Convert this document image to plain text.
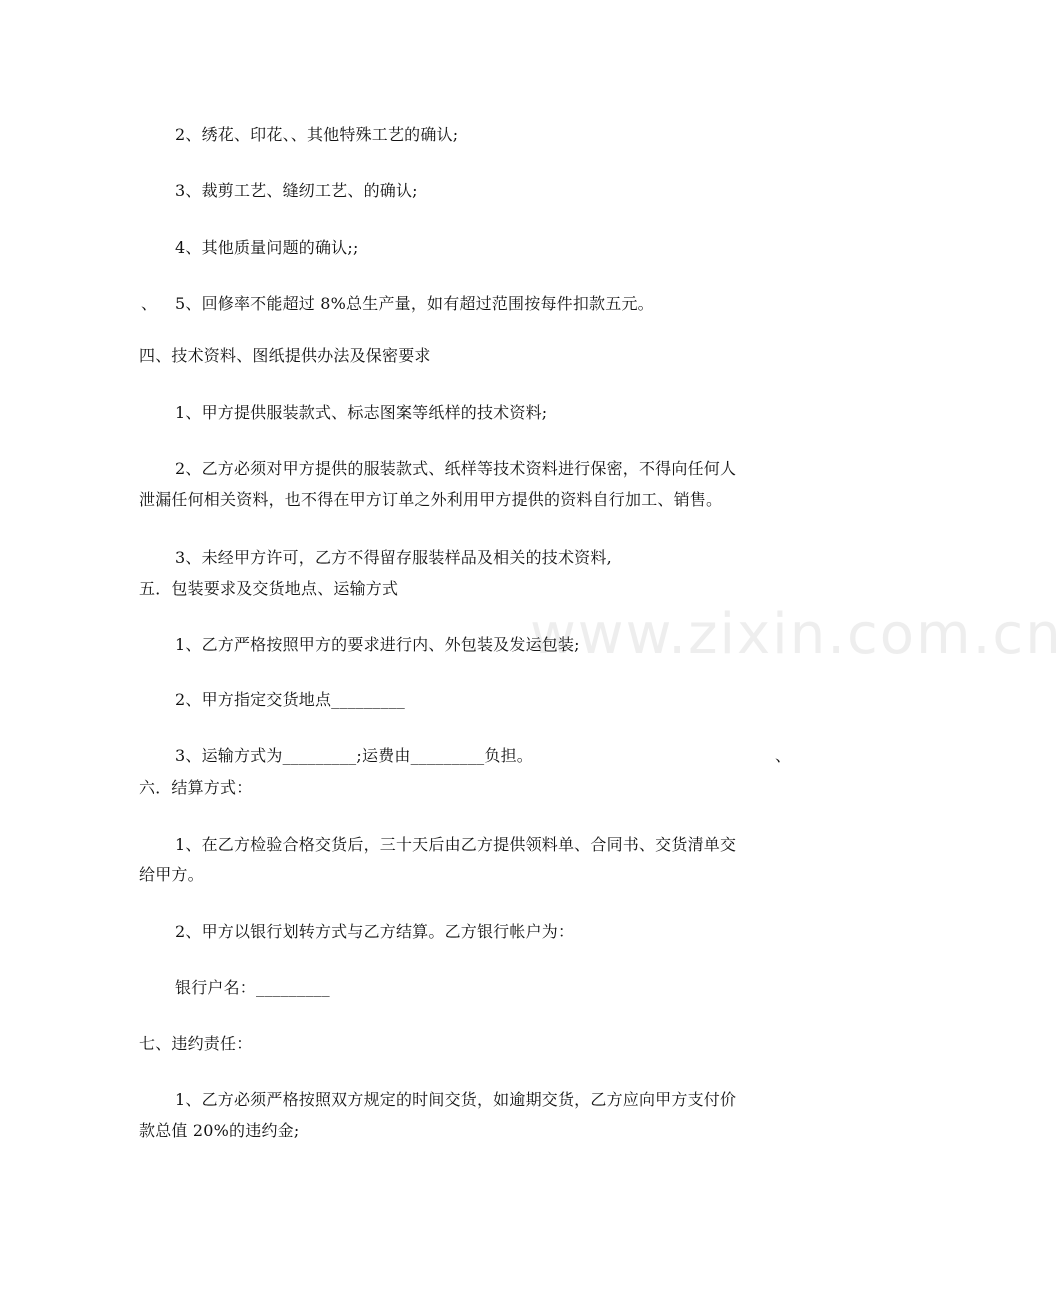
www.zixin.com.cn
2、绣花、印花、、其他特殊工艺的确认;
3、裁剪工艺、缝纫工艺、的确认;
4、其他质量问题的确认;;
、 5、回修率不能超过 8%总生产量，如有超过范围按每件扣款五元。
四、技术资料、图纸提供办法及保密要求
1、甲方提供服装款式、标志图案等纸样的技术资料;
2、乙方必须对甲方提供的服装款式、纸样等技术资料进行保密，不得向任何人
泄漏任何相关资料，也不得在甲方订单之外利用甲方提供的资料自行加工、销售。
3、未经甲方许可，乙方不得留存服装样品及相关的技术资料,
五．包装要求及交货地点、运输方式
1、乙方严格按照甲方的要求进行内、外包装及发运包装;
2、甲方指定交货地点_________
3、运输方式为_________;运费由_________负担。	、
六．结算方式：
1、在乙方检验合格交货后，三十天后由乙方提供领料单、合同书、交货清单交
给甲方。
2、甲方以银行划转方式与乙方结算。乙方银行帐户为：
银行户名：_________
七、违约责任：
1、乙方必须严格按照双方规定的时间交货，如逾期交货，乙方应向甲方支付价
款总值 20%的违约金;
